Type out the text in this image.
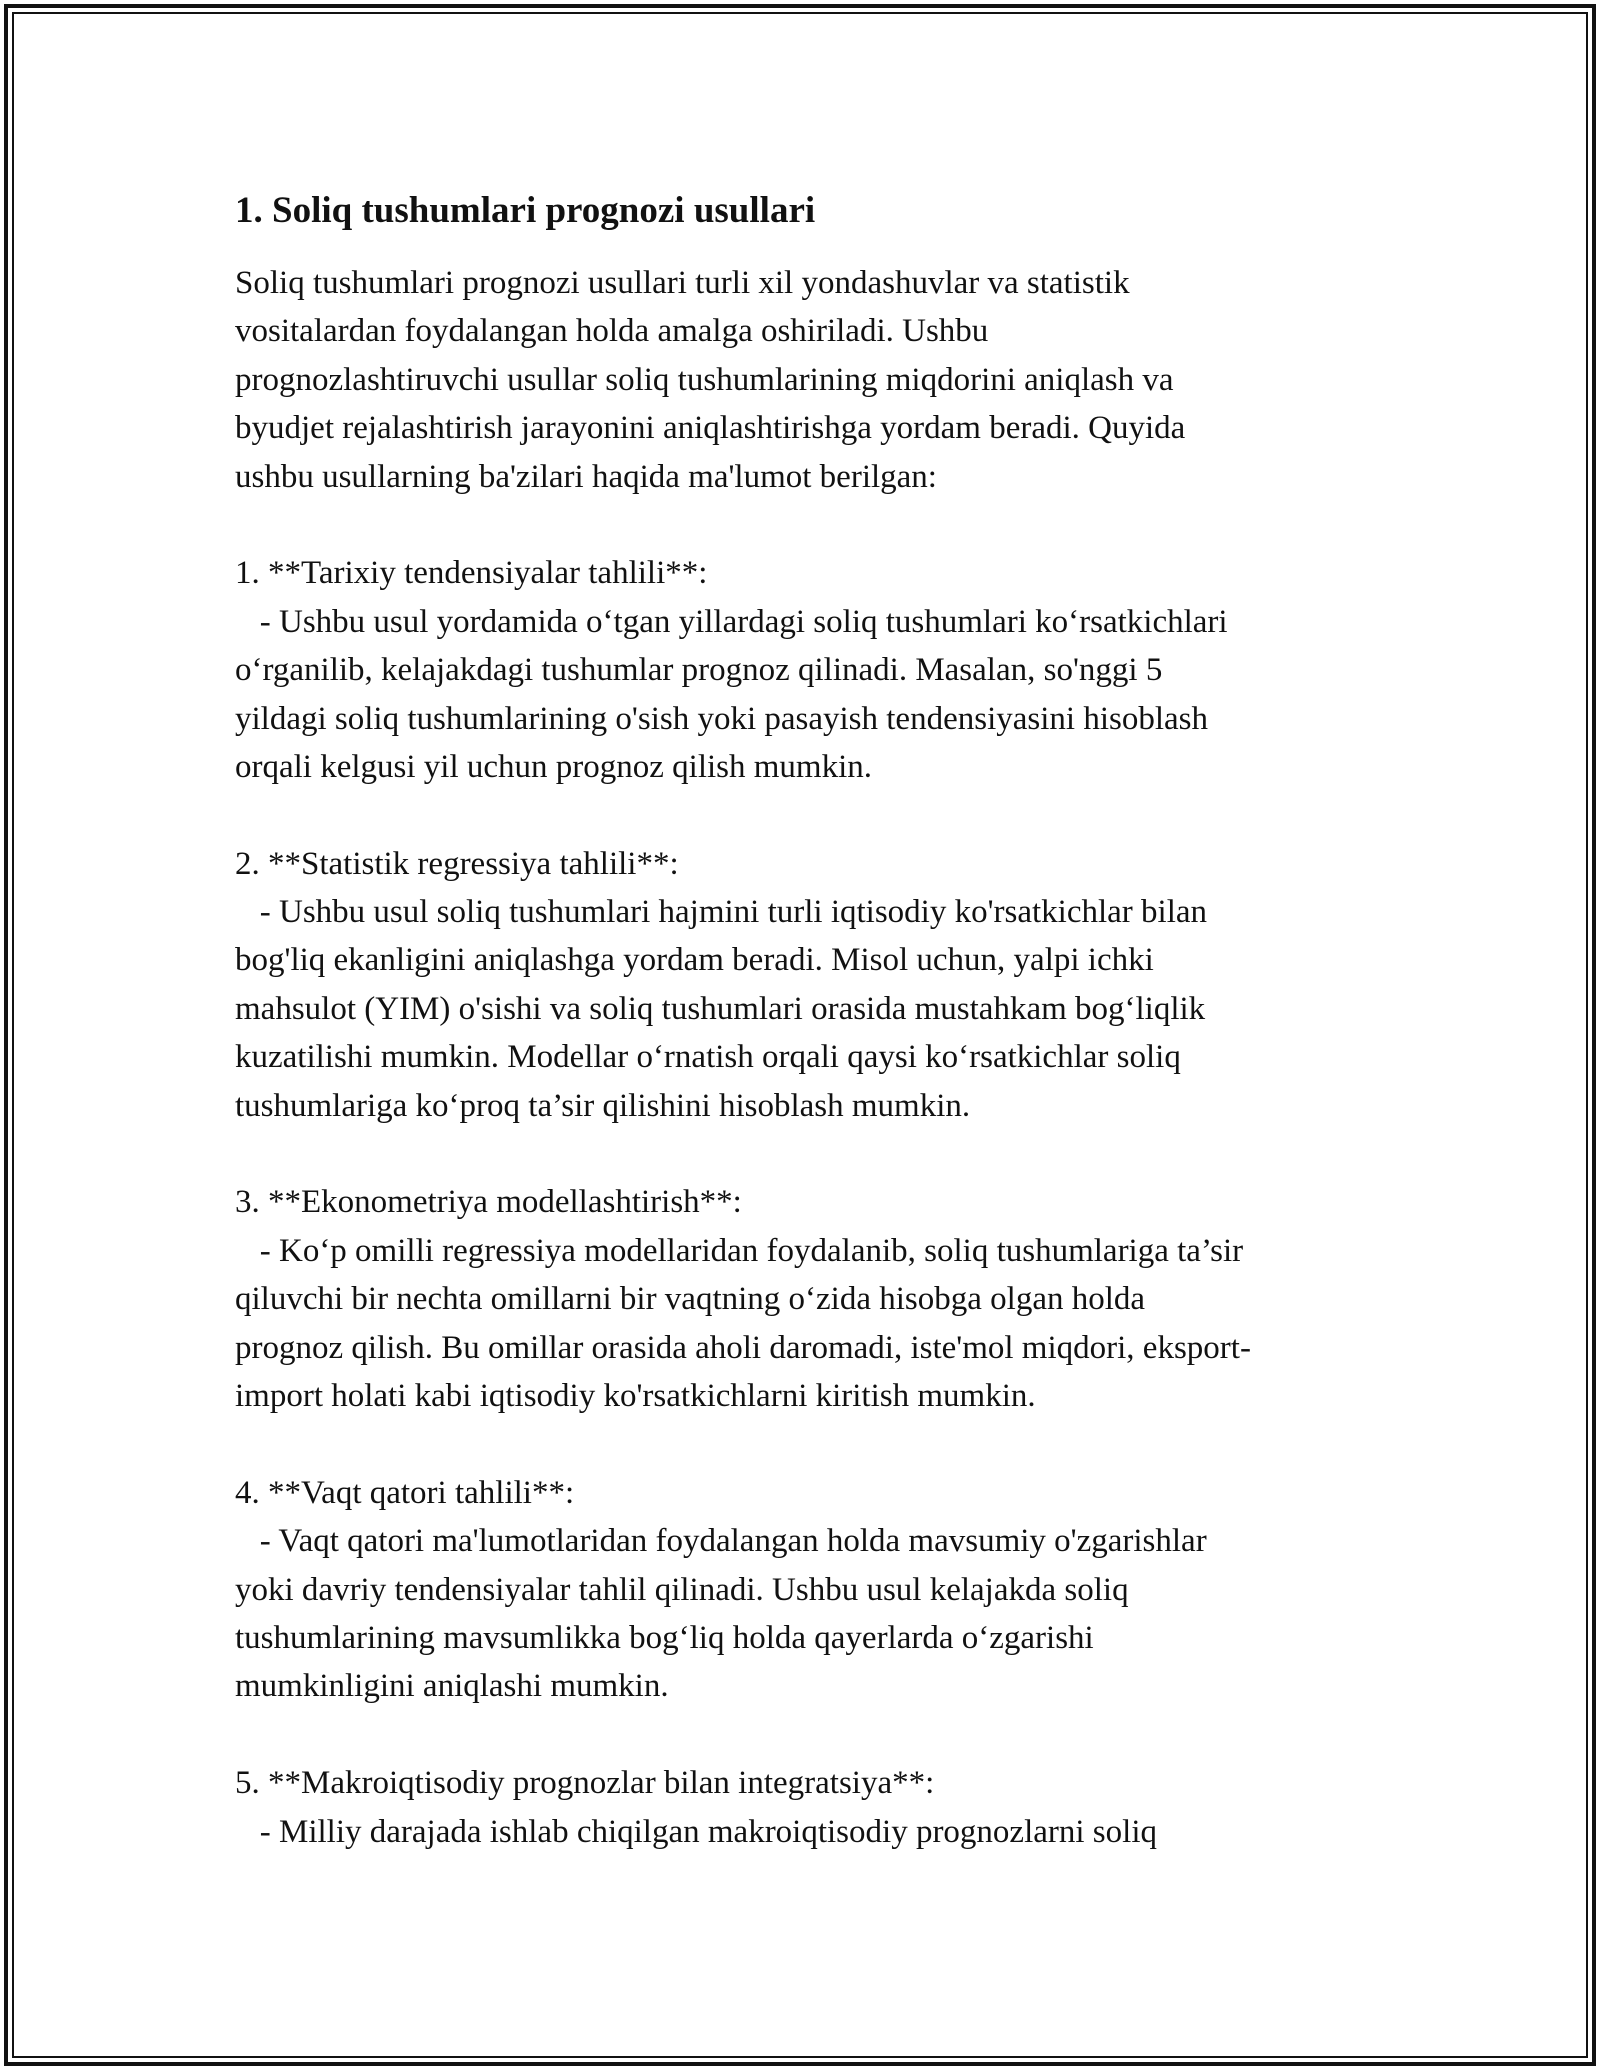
1. Soliq tushumlari prognozi usullari

Soliq tushumlari prognozi usullari turli xil yondashuvlar va statistik

vositalardan foydalangan holda amalga oshiriladi. Ushbu

prognozlashtiruvchi usullar soliq tushumlarining miqdorini aniqlash va

byudjet rejalashtirish jarayonini aniqlashtirishga yordam beradi. Quyida

ushbu usullarning ba'zilari haqida ma'lumot berilgan:

1. **Tarixiy tendensiyalar tahlili**:

- Ushbu usul yordamida o‘tgan yillardagi soliq tushumlari ko‘rsatkichlari

o‘rganilib, kelajakdagi tushumlar prognoz qilinadi. Masalan, so'nggi 5

yildagi soliq tushumlarining o'sish yoki pasayish tendensiyasini hisoblash

orqali kelgusi yil uchun prognoz qilish mumkin.

2. **Statistik regressiya tahlili**:

- Ushbu usul soliq tushumlari hajmini turli iqtisodiy ko'rsatkichlar bilan

bog'liq ekanligini aniqlashga yordam beradi. Misol uchun, yalpi ichki

mahsulot (YIM) o'sishi va soliq tushumlari orasida mustahkam bog‘liqlik

kuzatilishi mumkin. Modellar o‘rnatish orqali qaysi ko‘rsatkichlar soliq

tushumlariga ko‘proq ta’sir qilishini hisoblash mumkin.

3. **Ekonometriya modellashtirish**:

- Ko‘p omilli regressiya modellaridan foydalanib, soliq tushumlariga ta’sir

qiluvchi bir nechta omillarni bir vaqtning o‘zida hisobga olgan holda

prognoz qilish. Bu omillar orasida aholi daromadi, iste'mol miqdori, eksport-

import holati kabi iqtisodiy ko'rsatkichlarni kiritish mumkin.

4. **Vaqt qatori tahlili**:

- Vaqt qatori ma'lumotlaridan foydalangan holda mavsumiy o'zgarishlar

yoki davriy tendensiyalar tahlil qilinadi. Ushbu usul kelajakda soliq

tushumlarining mavsumlikka bog‘liq holda qayerlarda o‘zgarishi

mumkinligini aniqlashi mumkin.

5. **Makroiqtisodiy prognozlar bilan integratsiya**:

- Milliy darajada ishlab chiqilgan makroiqtisodiy prognozlarni soliq
